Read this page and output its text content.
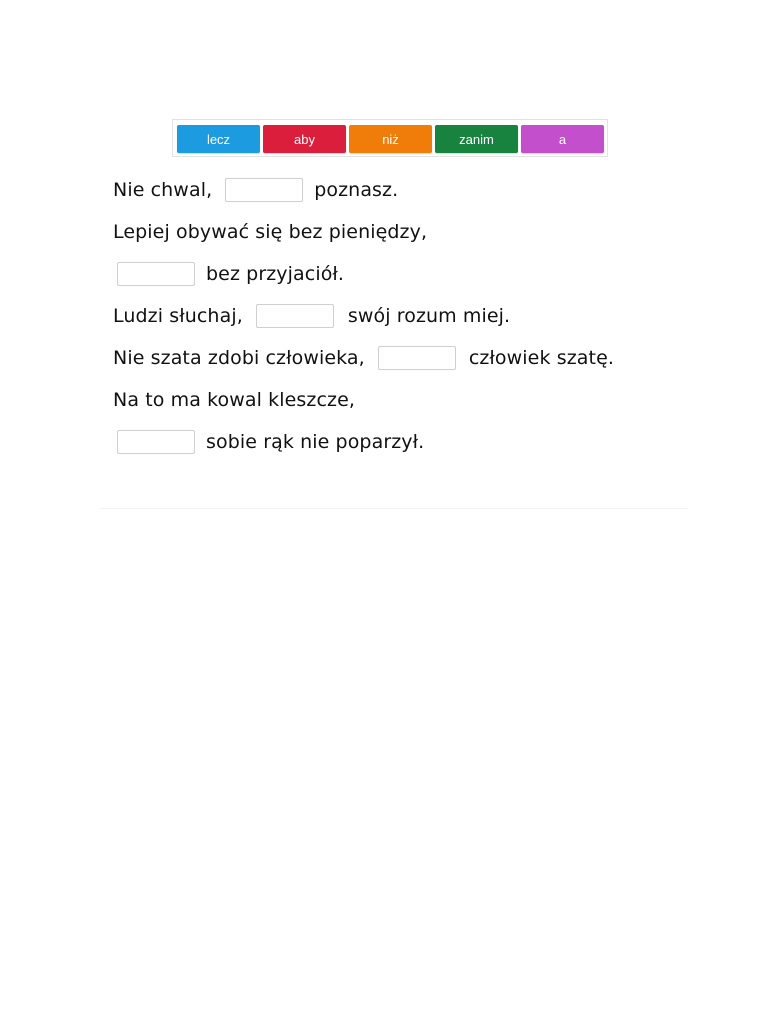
lecz	aby	niż	zanim	a
Nie chwal,	poznasz.
Lepiej obywać się bez pieniędzy,
bez przyjaciół.
Ludzi słuchaj,	swój rozum miej.
Nie szata zdobi człowieka,	człowiek szatę.
Na to ma kowal kleszcze,
sobie rąk nie poparzył.
